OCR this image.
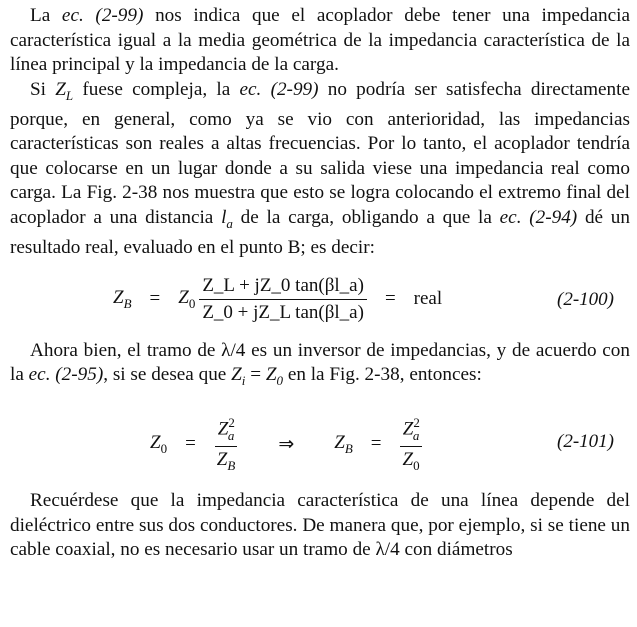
La ec. (2-99) nos indica que el acoplador debe tener una impedancia característica igual a la media geométrica de la impedancia característica de la línea principal y la impedancia de la carga.

Si $Z_L$ fuese compleja, la ec. (2-99) no podría ser satisfecha directamente porque, en general, como ya se vio con anterioridad, las impedancias características son reales a altas frecuencias. Por lo tanto, el acoplador tendría que colocarse en un lugar donde a su salida viese una impedancia real como carga. La Fig. 2-38 nos muestra que esto se logra colocando el extremo final del acoplador a una distancia $l_a$ de la carga, obligando a que la ec. (2-94) dé un resultado real, evaluado en el punto B; es decir:

$Z_B = Z_0 \frac{Z\_L + jZ\_0 \tan(\beta l\_a)}{\text{Z\_0 + jZ\_L tan(βl\_a)}}$ = real	(2-100)

Ahora bien, el tramo de λ/4 es un inversor de impedancias, y de acuerdo con la ec. (2-95), si se desea que $Z_i = Z_0$ en la Fig. 2-38, entonces:

$Z_0 = \frac{Z^2_a}{Z_B}$ ⇒ $Z_B = \frac{Z^2_a}{Z_0}$	(2-101)

Recuérdese que la impedancia característica de una línea depende del dieléctrico entre sus dos conductores. De manera que, por ejemplo, si se tiene un cable coaxial, no es necesario usar un tramo de λ/4 con diámetros
